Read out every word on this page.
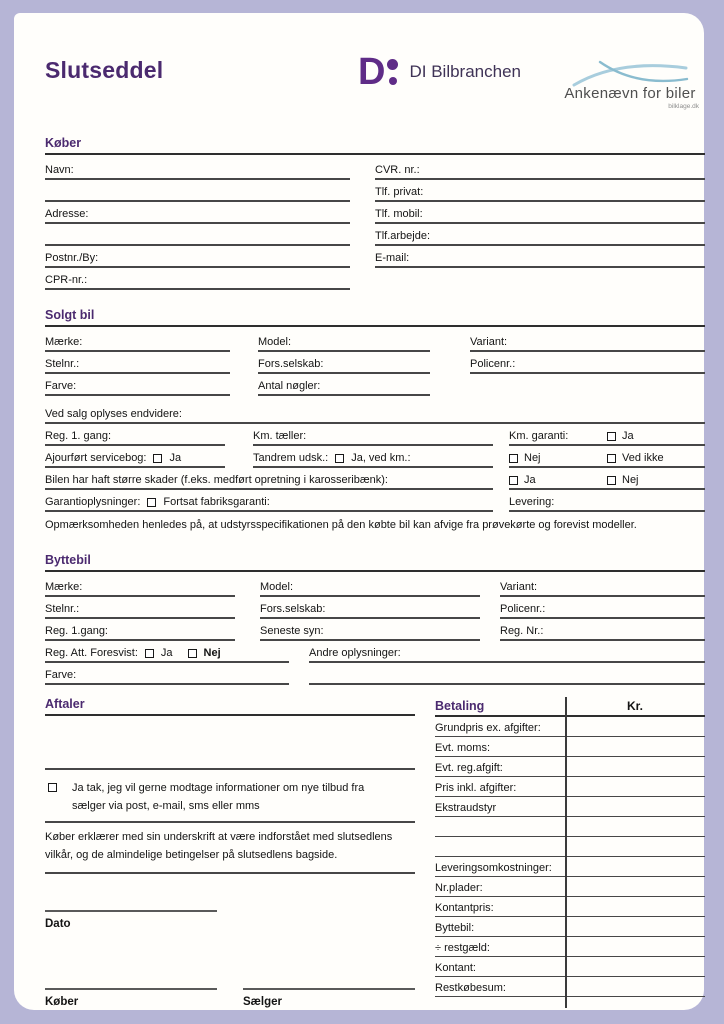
Slutseddel	D DI Bilbranchen
Ankenævn for biler
bilklage.dk
Køber
Navn:
Adresse:
Postnr./By:
CPR-nr.:
CVR. nr.:
Tlf. privat:
Tlf. mobil:
Tlf.arbejde:
E-mail:
Solgt bil
Mærke:	Model:	Variant:
Stelnr.:	Fors.selskab:	Policenr.:
Farve:	Antal nøgler:
Ved salg oplyses endvidere:
Reg. 1. gang:	Km. tæller:	Km. garanti:	Ja
Ajourført servicebog: Ja	Tandrem udsk.: Ja, ved km.:	Nej	Ved ikke
Bilen har haft større skader (f.eks. medført opretning i karosseribænk):	Ja	Nej
Garantioplysninger: Fortsat fabriksgaranti:	Levering:
Opmærksomheden henledes på, at udstyrsspecifikationen på den købte bil kan afvige fra prøvekørte og forevist modeller.
Byttebil
Mærke:	Model:	Variant:
Stelnr.:	Fors.selskab:	Policenr.:
Reg. 1.gang:	Seneste syn:	Reg. Nr.:
Reg. Att. Foresvist: Ja	Nej	Andre oplysninger:
Farve:
Aftaler
Ja tak, jeg vil gerne modtage informationer om nye tilbud fra sælger via post, e-mail, sms eller mms
Køber erklærer med sin underskrift at være indforstået med slutsedlens vilkår, og de almindelige betingelser på slutsedlens bagside.
Dato
Køber	Sælger
Betaling	Kr.
Grundpris ex. afgifter:
Evt. moms:
Evt. reg.afgift:
Pris inkl. afgifter:
Ekstraudstyr
Leveringsomkostninger:
Nr.plader:
Kontantpris:
Byttebil:
÷ restgæld:
Kontant:
Restkøbesum:
